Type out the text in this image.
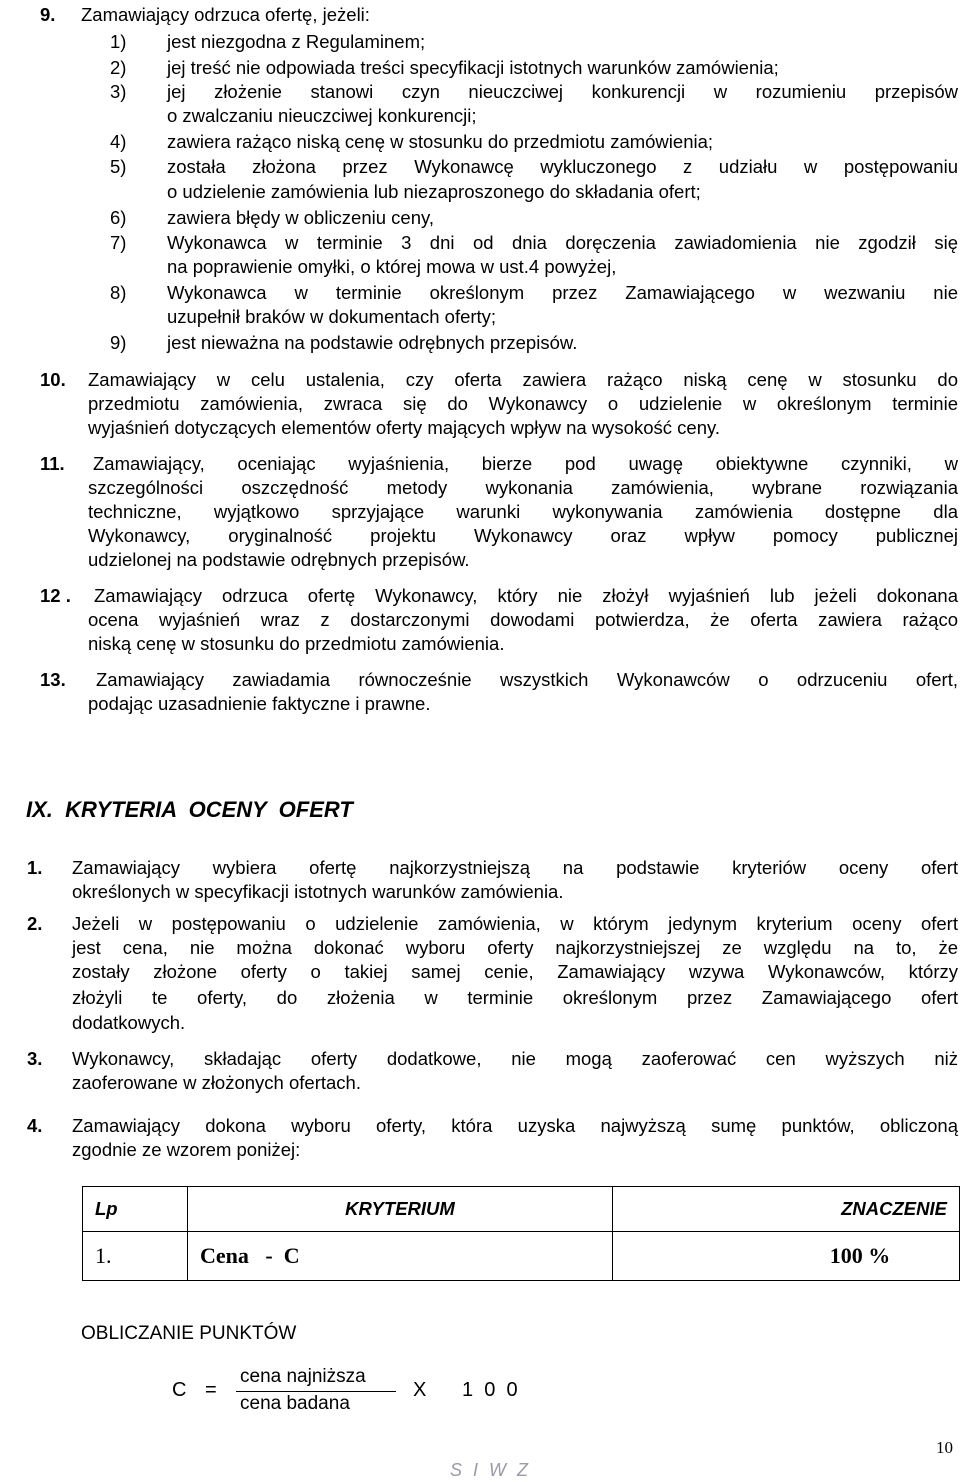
9. Zamawiający odrzuca ofertę, jeżeli:
1) jest niezgodna z Regulaminem;
2) jej treść nie odpowiada treści specyfikacji istotnych warunków zamówienia;
3) jej złożenie stanowi czyn nieuczciwej konkurencji w rozumieniu przepisów
o zwalczaniu nieuczciwej konkurencji;
4) zawiera rażąco niską cenę w stosunku do przedmiotu zamówienia;
5) została złożona przez Wykonawcę wykluczonego z udziału w postępowaniu
o udzielenie zamówienia lub niezaproszonego do składania ofert;
6) zawiera błędy w obliczeniu ceny,
7) Wykonawca w terminie 3 dni od dnia doręczenia zawiadomienia nie zgodził się
na poprawienie omyłki, o której mowa w ust.4 powyżej,
8) Wykonawca w terminie określonym przez Zamawiającego w wezwaniu nie
uzupełnił braków w dokumentach oferty;
9) jest nieważna na podstawie odrębnych przepisów.
10. Zamawiający w celu ustalenia, czy oferta zawiera rażąco niską cenę w stosunku do
przedmiotu zamówienia, zwraca się do Wykonawcy o udzielenie w określonym terminie
wyjaśnień dotyczących elementów oferty mających wpływ na wysokość ceny.
11. Zamawiający, oceniając wyjaśnienia, bierze pod uwagę obiektywne czynniki, w
szczególności oszczędność metody wykonania zamówienia, wybrane rozwiązania
techniczne, wyjątkowo sprzyjające warunki wykonywania zamówienia dostępne dla
Wykonawcy, oryginalność projektu Wykonawcy oraz wpływ pomocy publicznej
udzielonej na podstawie odrębnych przepisów.
12 . Zamawiający odrzuca ofertę Wykonawcy, który nie złożył wyjaśnień lub jeżeli dokonana
ocena wyjaśnień wraz z dostarczonymi dowodami potwierdza, że oferta zawiera rażąco
niską cenę w stosunku do przedmiotu zamówienia.
13. Zamawiający zawiadamia równocześnie wszystkich Wykonawców o odrzuceniu ofert,
podając uzasadnienie faktyczne i prawne.
IX.  KRYTERIA  OCENY  OFERT
1. Zamawiający wybiera ofertę najkorzystniejszą na podstawie kryteriów oceny ofert
określonych w specyfikacji istotnych warunków zamówienia.
2. Jeżeli w postępowaniu o udzielenie zamówienia, w którym jedynym kryterium oceny ofert
jest cena, nie można dokonać wyboru oferty najkorzystniejszej ze względu na to, że
zostały złożone oferty o takiej samej cenie, Zamawiający wzywa Wykonawców, którzy
złożyli te oferty, do złożenia w terminie określonym przez Zamawiającego ofert
dodatkowych.
3. Wykonawcy, składając oferty dodatkowe, nie mogą zaoferować cen wyższych niż
zaoferowane w złożonych ofertach.
4. Zamawiający dokona wyboru oferty, która uzyska najwyższą sumę punktów, obliczoną
zgodnie ze wzorem poniżej:
Lp	KRYTERIUM	ZNACZENIE
1.	Cena   -  C	100 %
OBLICZANIE PUNKTÓW
C =
cena najniższa
cena badana
X 1  0  0
10
S I W Z
